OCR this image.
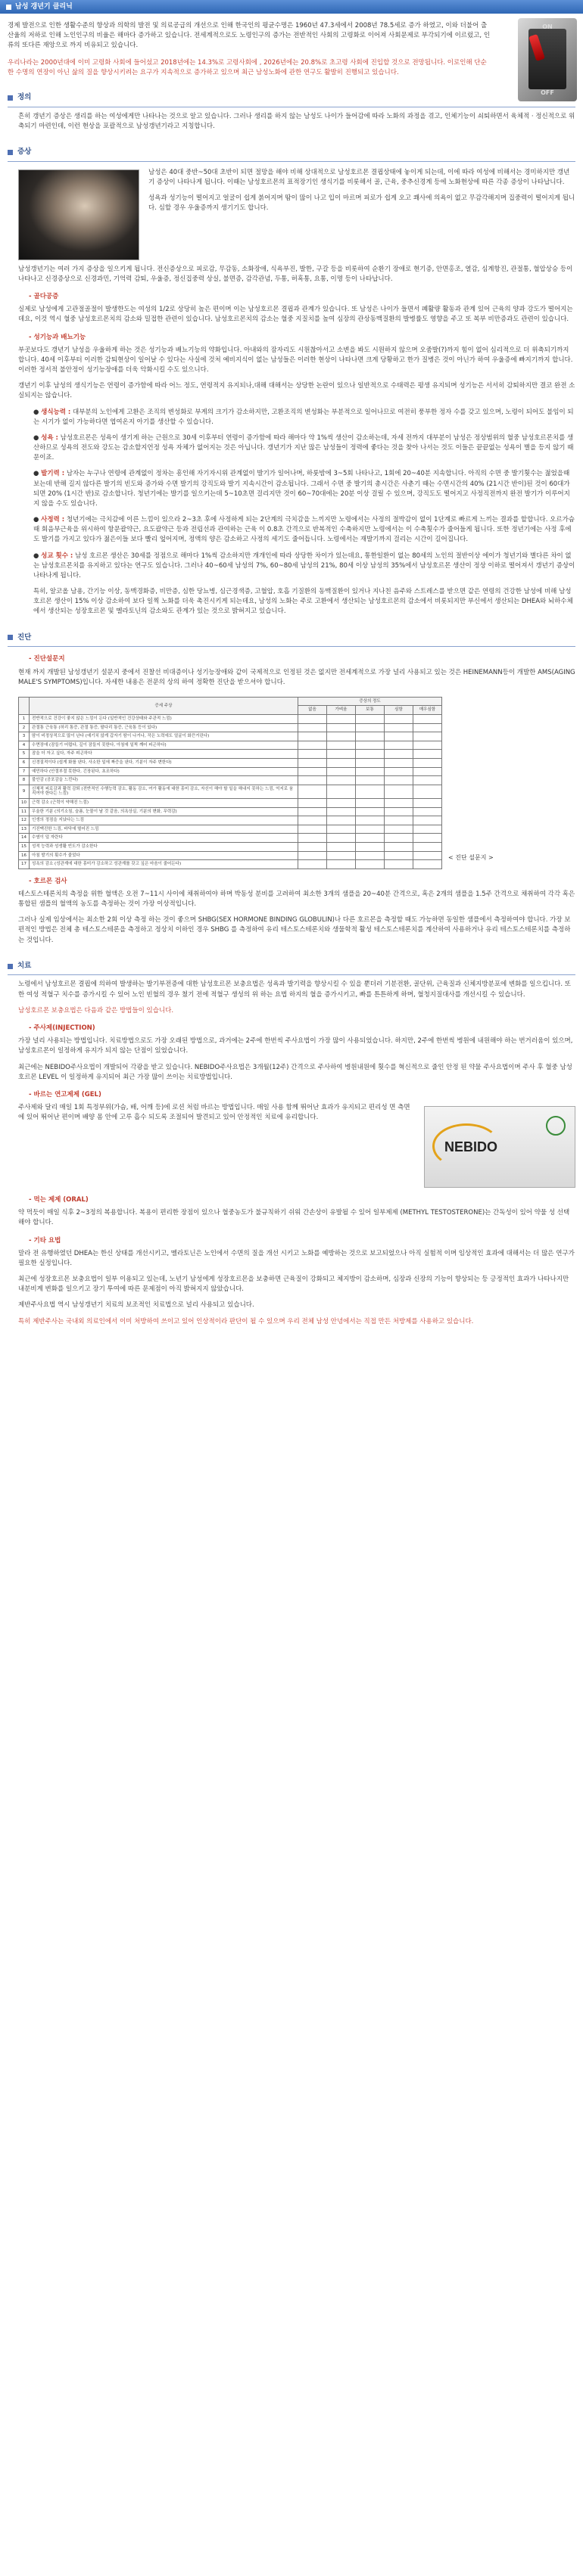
남성 갱년기 클리닉

경제 발전으로 인한 생활수준의 향상과 의학의 발전 및 의료공급의 개선으로 인해 한국인의 평균수명은 1960년 47.3세에서 2008년 78.5세로 증가 하였고, 이와 더불어 출산율의 저하로 인해 노인인구의 비율은 해마다 증가하고 있습니다. 전세계적으로도 노령인구의 증가는 전반적인 사회의 고령화로 이어져 사회문제로 부각되기에 이르렀고, 인류의 또다른 재앙으로 까지 비유되고 있습니다.

우리나라는 2000년대에 이미 고령화 사회에 들어섰고 2018년에는 14.3%로 고령사회에 , 2026년에는 20.8%로 초고령 사회에 진입할 것으로 전망됩니다. 이로인해 단순한 수명의 연장이 아닌 삶의 질을 향상시키려는 요구가 지속적으로 증가하고 있으며 최근 남성노화에 관한 연구도 활발히 진행되고 있습니다.

ON
OFF
정의

흔히 갱년기 증상은 생리를 하는 여성에게만 나타나는 것으로 알고 있습니다. 그러나 생리를 하지 않는 남성도 나이가 들어감에 따라 노화의 과정을 겪고, 인체기능이 쇠퇴하면서 육체적 · 정신적으로 위축되기 마련인데, 이런 현상을 포괄적으로 남성갱년기라고 지칭합니다.

증상

남성은 40대 중반~50대 초반이 되면 절망을 해야 비해 상대적으로 남성호르몬 결핍상태에 놓이게 되는데, 이에 따라 여성에 비해서는 경미하지만 갱년기 증상이 나타나게 됩니다. 이때는 남성호르몬의 표적장기인 생식기를 비롯해서 골, 근육, 중추신경계 등에 노화현상에 따른 각종 증상이 나타납니다.

성욕과 성기능이 떨어지고 얼굴이 쉽게 붉어지며 땀이 많이 나고 입이 마르며 피로가 쉽게 오고 쾌사에 의욕이 없고 무감각해지며 집중력이 떨어지게 됩니다. 심할 경우 우울증까지 생기기도 합니다.

남성갱년기는 여러 가지 증상을 일으키게 됩니다. 전신증상으로 피로감, 무감동, 소화장애, 식욕부진, 발한, 구갈 등을 비롯하여 순환기 장애로 현기증, 안면홍조, 열감, 심계항진, 관절통, 혈압상승 등이 나타나고 신경증상으로 신경과민, 기억력 감퇴, 우울증, 정신집중력 상실, 불면증, 감각관념, 두통, 허혹통, 요통, 이명 등이 나타납니다.

- 골다공증

실제로 남성에게 고관절골절이 발생한도는 여성의 1/2로 상당히 높은 편이며 이는 남성호르몬 결핍과 관계가 있습니다. 또 남성은 나이가 들면서 폐활량 활동과 관계 있어 근육의 양과 강도가 떨어지는데요, 이것 역시 혈중 남성호르몬치의 감소와 밀접한 관련이 있습니다. 남성호르몬치의 감소는 혈중 지질치를 높여 심장의 관상동맥질환의 발병률도 영향을 주고 또 복부 비만증과도 관련이 있습니다.

- 성기능과 배뇨기능

부곳보다도 갱년기 남성을 우울하게 하는 것은 성기능과 배뇨기능의 약화입니다. 아내와의 잠자리도 시원찮아서고 소변을 봐도 시원하지 않으며 오줌발(?)까지 힘이 없어 심리적으로 더 위축되기까지 합니다. 40세 이후부터 이러한 감퇴현상이 일어날 수 있다는 사실에 것처 예비지식이 없는 남성들은 이러한 현상이 나타나면 크게 당황하고 한가 질병은 것이 아닌가 하여 우울증에 빠지기까지 합니다. 이러한 정서적 불안정이 성기능장애를 더욱 악화시킬 수도 있으니다.

갱년기 이후 남성의 생식기능은 연령이 증가함에 따라 어느 정도, 연령적지 유지되나,대해 대해서는 상당한 논란이 있으나 일반적으로 수태력은 평생 유지되며 성기능은 서서히 감퇴하지만 결코 완전 소실되지는 않습니다.

● 생식능력 : 대부분의 노인에게 고환은 조직의 변성화로 부게의 크기가 감소하지만, 고환조직의 변성화는 부분적으로 일어나므로 여전히 풍부한 정자 수를 갖고 있으며, 노령이 되어도 불임이 되는 시기가 없이 가능하다면 엽여온지 아기를 생산할 수 있습니다.

● 성욕 : 남성호르몬은 성욕이 생기게 하는 근원으로 30세 이후부터 연령이 증가함에 따라 해마다 약 1%씩 생산이 감소하는데, 자세 전까지 대부분이 남성은 정상범위의 혈중 남성호르몬치를 생산하므로 성욕의 전도와 강도는 감소할지언정 성욕 자체가 없어지는 것은 아닙니다. 갱년기가 지난 많은 남성들이 정력에 좋다는 것을 찾아 나서는 것도 이들은 끝끝없는 성욕이 별을 등지 않기 때문이죠.

● 발기력 : 남자는 누구나 연령에 관계없이 정차는 흥인해 자기자시위 관계없이 발기가 일어나며, 하룻밤에 3~5회 나타나고, 1회에 20~40분 지속합니다. 아직의 수면 중 발기횟수는 젊었을때 보는데 반해 길지 않다른 발기의 빈도와 증가와 수면 발기의 강직도와 발기 지속시간이 감소됩니다. 그래서 수면 중 발기의 총시간은 사춘기 때는 수면시간의 40% (21시간 반이)된 것이 60대가 되면 20% (1시간 반)로 감소합니다. 청년기에는 발기를 일으키는데 5~10초면 걸리지만 것이 60~70대에는 20분 이상 걸릴 수 있으며, 강직도도 떨어지고 사정직전까지 완전 발기가 이루어지지 않을 수도 있습니다.

● 사정력 : 청년기에는 극치감에 이른 느낌이 있으라 2~3초 후에 사정하게 되는 2단계의 극치감을 느끼지만 노령에서는 사정의 절박감이 없이 1단계로 빠르게 느끼는 결과를 할합니다. 오르가슴 때 회음부근육을 위시하여 항문괄약근, 요도괄약근 등과 전립선과 관여하는 근육 이 0.8초 간격으로 반복적인 수축하지만 노령에서는 이 수축횟수가 줄어들게 됩니다. 또한 정년기에는 사정 후에도 발기를 가지고 있다가 젊은이들 보다 빨리 엎어지며, 정액의 양은 감소하고 사정의 세기도 줄어듭니다. 노령에서는 재발기까지 걸리는 시간이 길어집니다.

● 성교 횟수 : 남성 호르몬 생산은 30세를 정점으로 해마다 1%씩 감소하지만 개개인에 따라 상당한 차이가 있는데요, 통한일환이 없는 80세의 노인의 절반이상 에이가 청년기와 별다른 차이 없는 남성호르몬치를 유지하고 있다는 연구도 있습니다. 그러나 40~60세 남성의 7%, 60~80세 남성의 21%, 80세 이상 남성의 35%에서 남성호르몬 생산이 정상 이하로 떨어져서 갱년기 증상이 나타나게 됩니다.

특히, 알코올 남용, 간기능 이상, 동맥경화증, 비만증, 심한 당뇨병, 심근경색증, 고혈압, 호흡 기질환의 동맥질환이 있거나 지나친 음주와 스트레스를 받으면 같은 연령의 건강한 남성에 비해 남성호르몬 생산이 15% 이상 감소하여 보다 일찍 노화를 더욱 촉진시키게 되는데요, 남성의 노화는 주로 고환에서 생산되는 남성호르몬의 감소에서 비롯되지만 부신에서 생산되는 DHEA와 뇌하수체에서 생산되는 성장호르몬 및 멜라토닌의 감소와도 관계가 있는 것으로 밝혀지고 있습니다.

진단
- 진단설문지

현재 까지 개발된 남성갱년기 설문지 중에서 진찰선 비대증이나 성기능장애와 같이 국제적으로 인정된 것은 없지만 전세계적으로 가장 널리 사용되고 있는 것은 HEINEMANN등이 개발한 AMS(AGING MALE'S SYMPTOMS)입니다. 자세한 내용은 전문의 상의 하여 정확한 진단을 받으셔야 합니다.

	증세 주상	증상의 정도				
		없음	가벼움	보통	심함	매우심함
1	전반적으로 건강이 좋지 않은 느낌이 든다 (일반적인 건강상태와 주관적 느낌)					
2	관절통 근육통 (허리 통증, 관절 통증, 팔다리 통증, 근육통 등이 있다)					
3	땀이 비정상적으로 많이 난다 (예기치 않게 갑자기 땀이 나거나, 작은 노력에도 얼굴이 화끈거린다)					
4	수면장애 (잠들기 어렵다, 깊이 잠들지 못한다, 아침에 일찍 깨어 피곤하다)					
5	잠을 더 자고 싶다, 자주 피곤하다					
6	신경질적이다 (쉽게 화를 낸다, 사소한 일에 짜증을 낸다, 기분이 자주 변한다)					
7	예민하다 (안절부절 못한다, 긴장된다, 초조하다)					
8	불안감 (공포감을 느낀다)					
9	신체적 피로감과 활력 감퇴 (전반적인 수행능력 감소, 활동 감소, 여가 활동에 대한 흥미 감소, 자신이 해야 할 일을 해내지 못하는 느낌, 억지로 움직여야 한다는 느낌)					
10	근력 감소 (근력이 약해진 느낌)					
11	우울한 기분 (의기소침, 슬픔, 눈물이 날 것 같음, 의욕상실, 기분의 변화, 무력감)					
12	인생의 정점을 지났다는 느낌					
13	기진맥진한 느낌, 바닥에 떨어진 느낌					
14	수염이 덜 자란다					
15	성적 능력과 성생활 빈도가 감소한다					
16	아침 발기의 횟수가 줄었다					
17	성욕의 감소 (성관계에 대한 흥미가 감소하고 성관계를 갖고 싶은 마음이 줄어든다)					
< 진단 설문지 >
- 호르몬 검사

테스토스테론치의 측정을 위한 혈액은 오전 7~11시 사이에 채취하여야 하며 박동성 분비를 고려하여 최소한 3개의 샘플을 20~40분 간격으로, 혹은 2개의 샘플을 1.5주 간격으로 채취하여 각각 혹은 통합된 샘플의 혈액의 농도를 측정하는 것이 가장 이상적입니다.

그러나 실제 임상에서는 최소한 2회 이상 측정 하는 것이 좋으며 SHBG(SEX HORMONE BINDING GLOBULIN)나 다른 호르몬을 측정할 때도 가능하면 동일한 샘플에서 측정하여야 합니다. 가장 보편적인 방법은 전체 총 테스토스테론을 측정하고 정상치 이하인 경우 SHBG 를 측정하여 유리 테스토스테론치와 생물학적 활성 테스토스테론치를 계산하여 사용하거나 유리 테스토스테론치를 측정하는 것입니다.

치료

노령에서 남성호르몬 결핍에 의하여 발생하는 발기부전증에 대한 남성호르몬 보충요법은 성욕과 발기력을 향상시킬 수 있을 뿐더러 기분전환, 골단위, 근육질과 신체지방분포에 변화를 일으킵니다. 또한 여성 적혈구 치수를 증가시킬 수 있어 노인 빈혈의 경우 쳤기 전에 적혈구 생성의 위 하는 요법 하지의 혈을 증가시키고, 빠를 튼튼하게 하며, 혈청지질대사를 개선시킬 수 있습니다.

남성호르몬 보충요법은 다음과 같은 방법들이 있습니다.

- 주사제(INJECTION)

가장 널리 사용되는 방법입니다. 치료방법으로도 가장 오래된 방법으로, 과거에는 2주에 한번씩 주사요법이 가장 많이 사용되었습니다. 하지만, 2주에 한번씩 병원에 내원해야 하는 번거러움이 있으며, 남성호르몬이 일정하게 유지가 되지 않는 단점이 있었습니다.

최근에는 NEBIDO주사요법이 개발되어 각광을 받고 있습니다. NEBIDO주사요법은 3개월(12주) 간격으로 주사하여 병원내원에 횟수를 혁신적으로 줄인 안정 된 약물 주사요법이며 주사 후 혈중 남성호르몬 LEVEL 이 일정하게 유지되어 최근 가장 많이 쓰이는 치료방법입니다.

- 바르는 연고제제 (GEL)

주사제와 달리 매일 1회 특정부위(가슴, 배, 어깨 등)에 로션 처럼 바르는 방법입니다. 매일 사용 함께 뛰어난 효과가 유지되고 편리성 면 측면에 있어 뛰어난 편이며 배양 몸 안에 고루 흡수 되도록 조절되어 발견되고 있어 안정적인 치료에 유리합니다.

NEBIDO
- 먹는 제제 (ORAL)

약 먹듯이 매일 식후 2~3정의 복용합니다. 복용이 편리한 장점이 있으나 혈중농도가 불규칙하기 쉬워 간손상이 유발될 수 있어 일부제제 (METHYL TESTOSTERONE)는 간독성이 있어 약물 성 선택해야 합니다.

- 기타 요법

말라 전 유행하였던 DHEA는 한신 상태를 개선시키고, 멜라토닌은 노인에서 수면의 질을 개선 시키고 노화를 예방하는 것으로 보고되었으나 아직 실험적 이며 임상적인 효과에 대해서는 더 많은 연구가 필요한 실정입니다.

최근에 성장호르몬 보충요법이 일부 이용되고 있는데, 노년기 남성에게 성장호르몬을 보충하면 근육질이 강화되고 체지방이 감소하며, 심장과 신장의 기능이 향상되는 등 긍정적인 효과가 나타나지만 내분비계 변화를 일으키고 장기 투여에 따른 문제점이 아직 밝혀지지 않았습니다.

제반주사요법 역시 남성갱년기 치료의 보조적인 치료법으로 널리 사용되고 있습니다.

특히 제반주사는 국내외 의료인에서 이미 처방하여 쓰이고 있어 인상적이라 판단이 될 수 있으며 우리 전체 남성 안녕에서는 직접 만든 처방제를 사용하고 있습니다.
